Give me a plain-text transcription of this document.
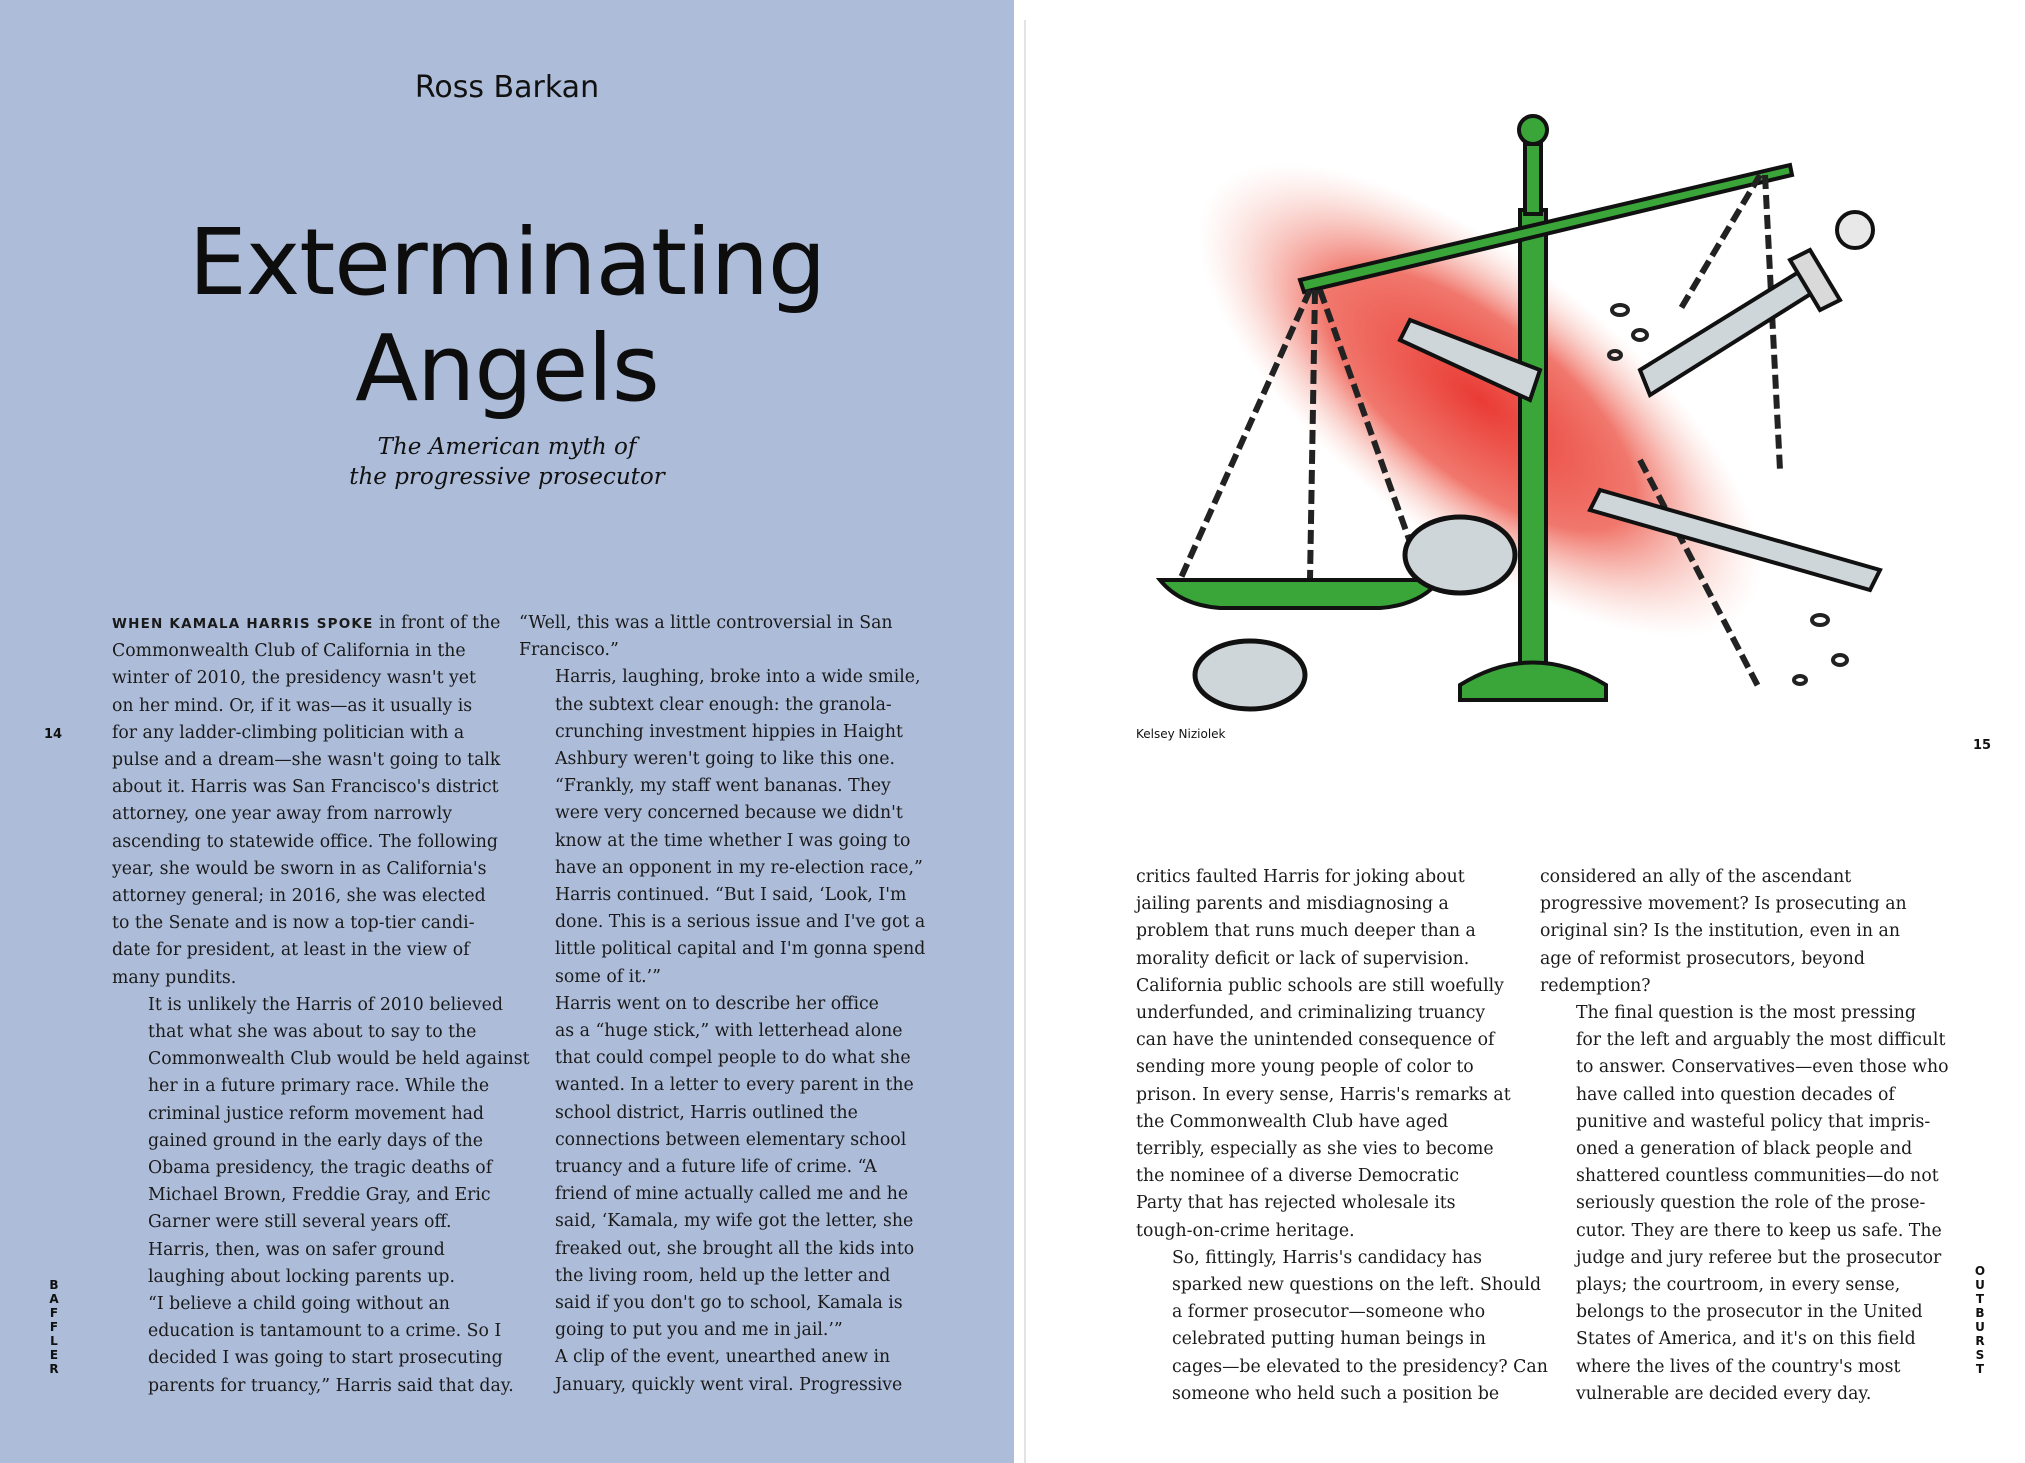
Ross Barkan
Exterminating
Angels
The American myth of
the progressive prosecutor

WHEN KAMALA HARRIS SPOKE in front of the
Commonwealth Club of California in the
winter of 2010, the presidency wasn't yet
on her mind. Or, if it was—as it usually is
for any ladder-climbing politician with a
pulse and a dream—she wasn't going to talk
about it. Harris was San Francisco's district
attorney, one year away from narrowly
ascending to statewide office. The following
year, she would be sworn in as California's
attorney general; in 2016, she was elected
to the Senate and is now a top-tier candi-
date for president, at least in the view of
many pundits.

It is unlikely the Harris of 2010 believed
that what she was about to say to the
Commonwealth Club would be held against
her in a future primary race. While the
criminal justice reform movement had
gained ground in the early days of the
Obama presidency, the tragic deaths of
Michael Brown, Freddie Gray, and Eric
Garner were still several years off.

Harris, then, was on safer ground
laughing about locking parents up.

“I believe a child going without an
education is tantamount to a crime. So I
decided I was going to start prosecuting
parents for truancy,” Harris said that day.

“Well, this was a little controversial in San
Francisco.”

Harris, laughing, broke into a wide smile,
the subtext clear enough: the granola-
crunching investment hippies in Haight
Ashbury weren't going to like this one.

“Frankly, my staff went bananas. They
were very concerned because we didn't
know at the time whether I was going to
have an opponent in my re-election race,”
Harris continued. “But I said, ‘Look, I'm
done. This is a serious issue and I've got a
little political capital and I'm gonna spend
some of it.’”

Harris went on to describe her office
as a “huge stick,” with letterhead alone
that could compel people to do what she
wanted. In a letter to every parent in the
school district, Harris outlined the
connections between elementary school
truancy and a future life of crime. “A
friend of mine actually called me and he
said, ‘Kamala, my wife got the letter, she
freaked out, she brought all the kids into
the living room, held up the letter and
said if you don't go to school, Kamala is
going to put you and me in jail.’”

A clip of the event, unearthed anew in
January, quickly went viral. Progressive

14
B
A
F
F
L
E
R
Kelsey Niziolek
15
O
U
T
B
U
R
S
T

critics faulted Harris for joking about
jailing parents and misdiagnosing a
problem that runs much deeper than a
morality deficit or lack of supervision.
California public schools are still woefully
underfunded, and criminalizing truancy
can have the unintended consequence of
sending more young people of color to
prison. In every sense, Harris's remarks at
the Commonwealth Club have aged
terribly, especially as she vies to become
the nominee of a diverse Democratic
Party that has rejected wholesale its
tough-on-crime heritage.

So, fittingly, Harris's candidacy has
sparked new questions on the left. Should
a former prosecutor—someone who
celebrated putting human beings in
cages—be elevated to the presidency? Can
someone who held such a position be

considered an ally of the ascendant
progressive movement? Is prosecuting an
original sin? Is the institution, even in an
age of reformist prosecutors, beyond
redemption?

The final question is the most pressing
for the left and arguably the most difficult
to answer. Conservatives—even those who
have called into question decades of
punitive and wasteful policy that impris-
oned a generation of black people and
shattered countless communities—do not
seriously question the role of the prose-
cutor. They are there to keep us safe. The
judge and jury referee but the prosecutor
plays; the courtroom, in every sense,
belongs to the prosecutor in the United
States of America, and it's on this field
where the lives of the country's most
vulnerable are decided every day.
